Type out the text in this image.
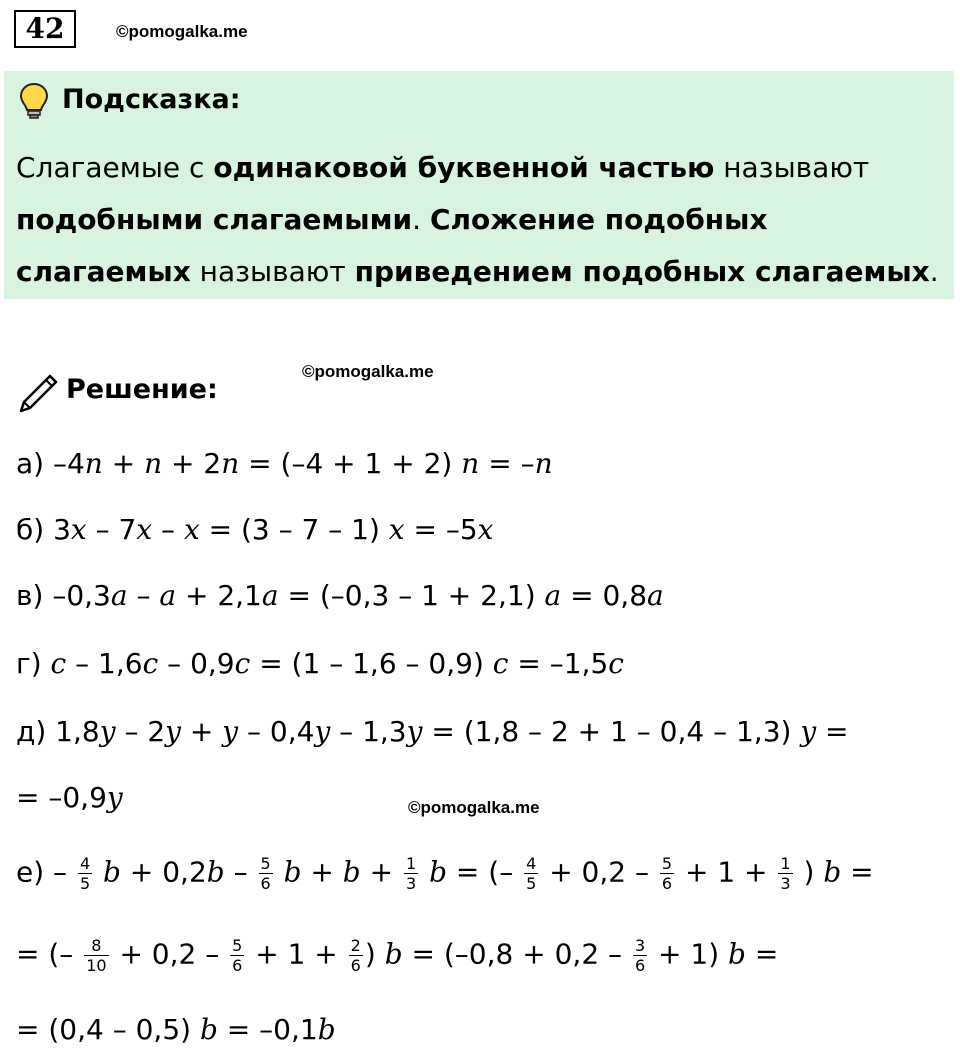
42	©pomogalka.me
Подсказка:
Слагаемые с одинаковой буквенной частью называют
подобными слагаемыми. Сложение подобных
слагаемых называют приведением подобных слагаемых.
©pomogalka.me
Решение:
а) –4n + n + 2n = (–4 + 1 + 2) n = –n
б) 3x – 7x – x = (3 – 7 – 1) x = –5x
в) –0,3a – a + 2,1a = (–0,3 – 1 + 2,1) a = 0,8a
г) c – 1,6c – 0,9c = (1 – 1,6 – 0,9) c = –1,5c
д) 1,8y – 2y + y – 0,4y – 1,3y = (1,8 – 2 + 1 – 0,4 – 1,3) y =
= –0,9y	©pomogalka.me
$е) - \frac{4}{5}$ $b + 0,2b - \frac{5}{6}$ $b + b + \frac{1}{3}$ b = (– $\frac{4}{5} + 0,2 - \frac{5}{6} + 1 + \frac{1}{3}$ ) b =
= (– $\frac{8}{10} + 0,2 - \frac{5}{6} + 1 + \frac{2}{6}$ ) $b = (-0,8 + 0,2 - \frac{3}{6} + 1)$ b =
= (0,4 – 0,5) b = –0,1b
